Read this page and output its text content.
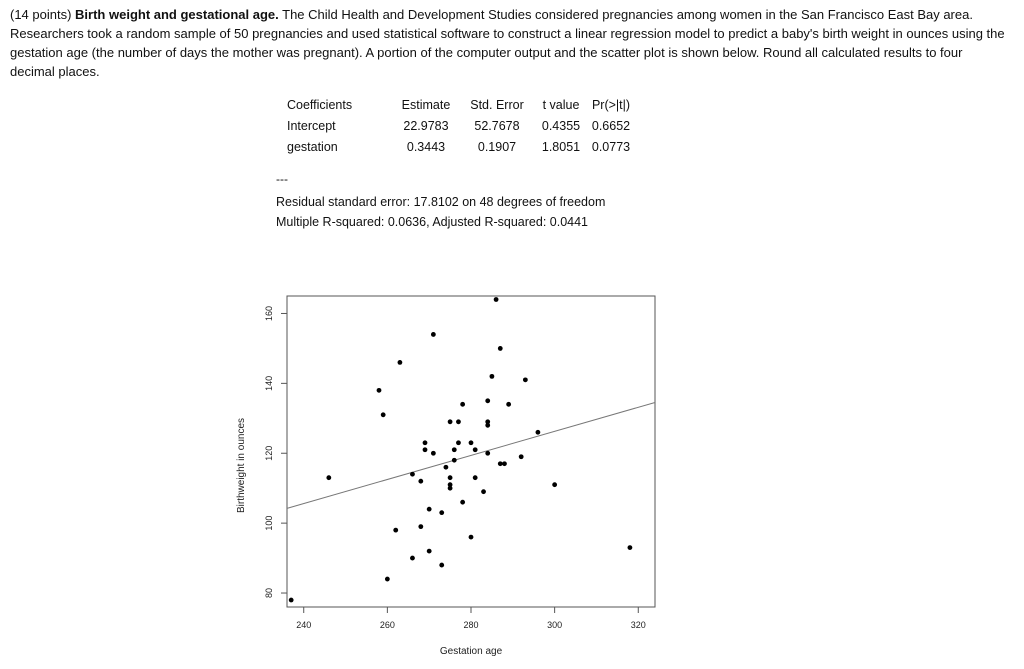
(14 points) Birth weight and gestational age. The Child Health and Development Studies considered pregnancies among women in the San Francisco East Bay area. Researchers took a random sample of 50 pregnancies and used statistical software to construct a linear regression model to predict a baby's birth weight in ounces using the gestation age (the number of days the mother was pregnant). A portion of the computer output and the scatter plot is shown below. Round all calculated results to four decimal places.

Coefficients	Estimate	Std. Error	t value	Pr(>|t|)
Intercept	22.9783	52.7678	0.4355	0.6652
gestation	0.3443	0.1907	1.8051	0.0773
---
Residual standard error: 17.8102 on 48 degrees of freedom
Multiple R-squared: 0.0636, Adjusted R-squared: 0.0441
240	260	280	300	320
80
100
120
140
160
Gestation age
Birthweight in ounces
